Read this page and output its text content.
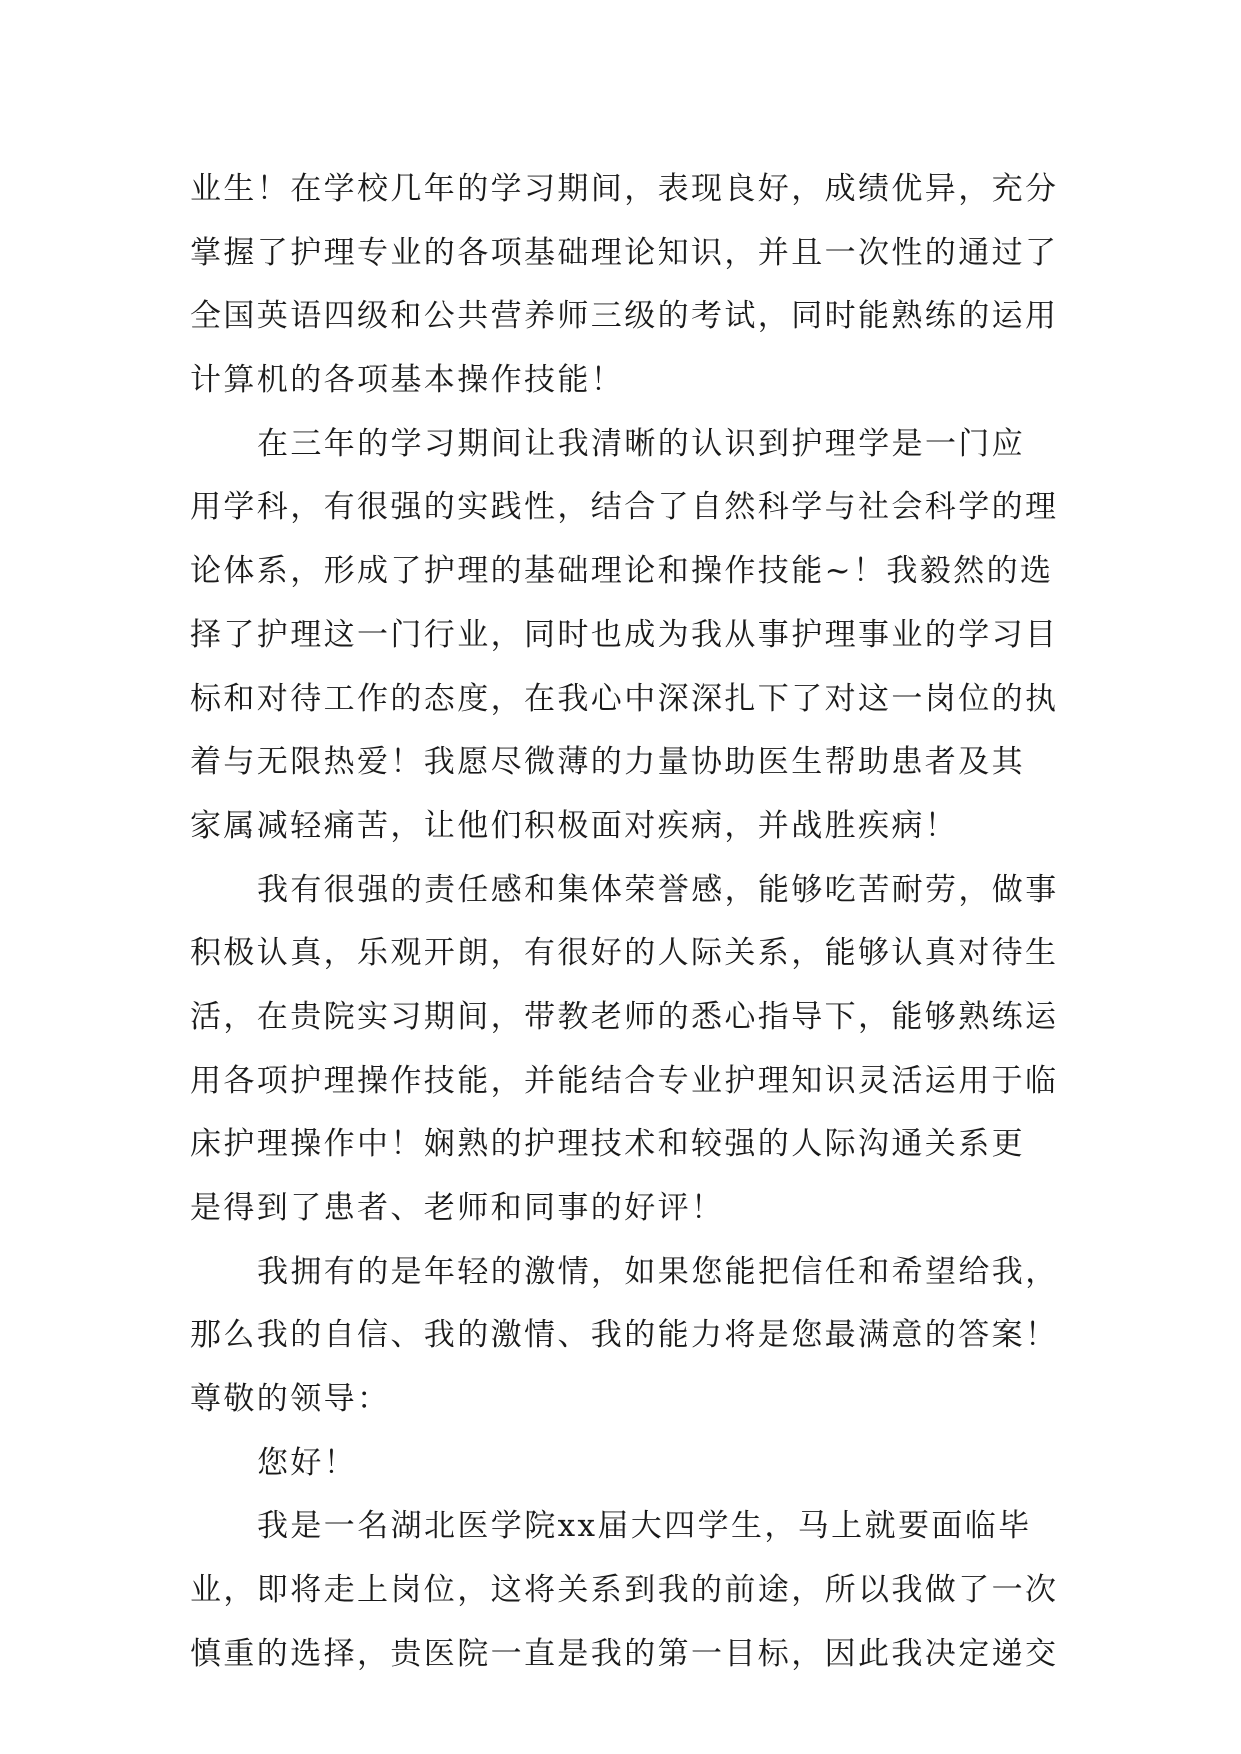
业生！在学校几年的学习期间，表现良好，成绩优异，充分
掌握了护理专业的各项基础理论知识，并且一次性的通过了
全国英语四级和公共营养师三级的考试，同时能熟练的运用
计算机的各项基本操作技能！
在三年的学习期间让我清晰的认识到护理学是一门应
用学科，有很强的实践性，结合了自然科学与社会科学的理
论体系，形成了护理的基础理论和操作技能~！我毅然的选
择了护理这一门行业，同时也成为我从事护理事业的学习目
标和对待工作的态度，在我心中深深扎下了对这一岗位的执
着与无限热爱！我愿尽微薄的力量协助医生帮助患者及其
家属减轻痛苦，让他们积极面对疾病，并战胜疾病！
我有很强的责任感和集体荣誉感，能够吃苦耐劳，做事
积极认真，乐观开朗，有很好的人际关系，能够认真对待生
活，在贵院实习期间，带教老师的悉心指导下，能够熟练运
用各项护理操作技能，并能结合专业护理知识灵活运用于临
床护理操作中！娴熟的护理技术和较强的人际沟通关系更
是得到了患者、老师和同事的好评！
我拥有的是年轻的激情，如果您能把信任和希望给我，
那么我的自信、我的激情、我的能力将是您最满意的答案！
尊敬的领导：
您好！
我是一名湖北医学院xx届大四学生，马上就要面临毕
业，即将走上岗位，这将关系到我的前途，所以我做了一次
慎重的选择，贵医院一直是我的第一目标，因此我决定递交
